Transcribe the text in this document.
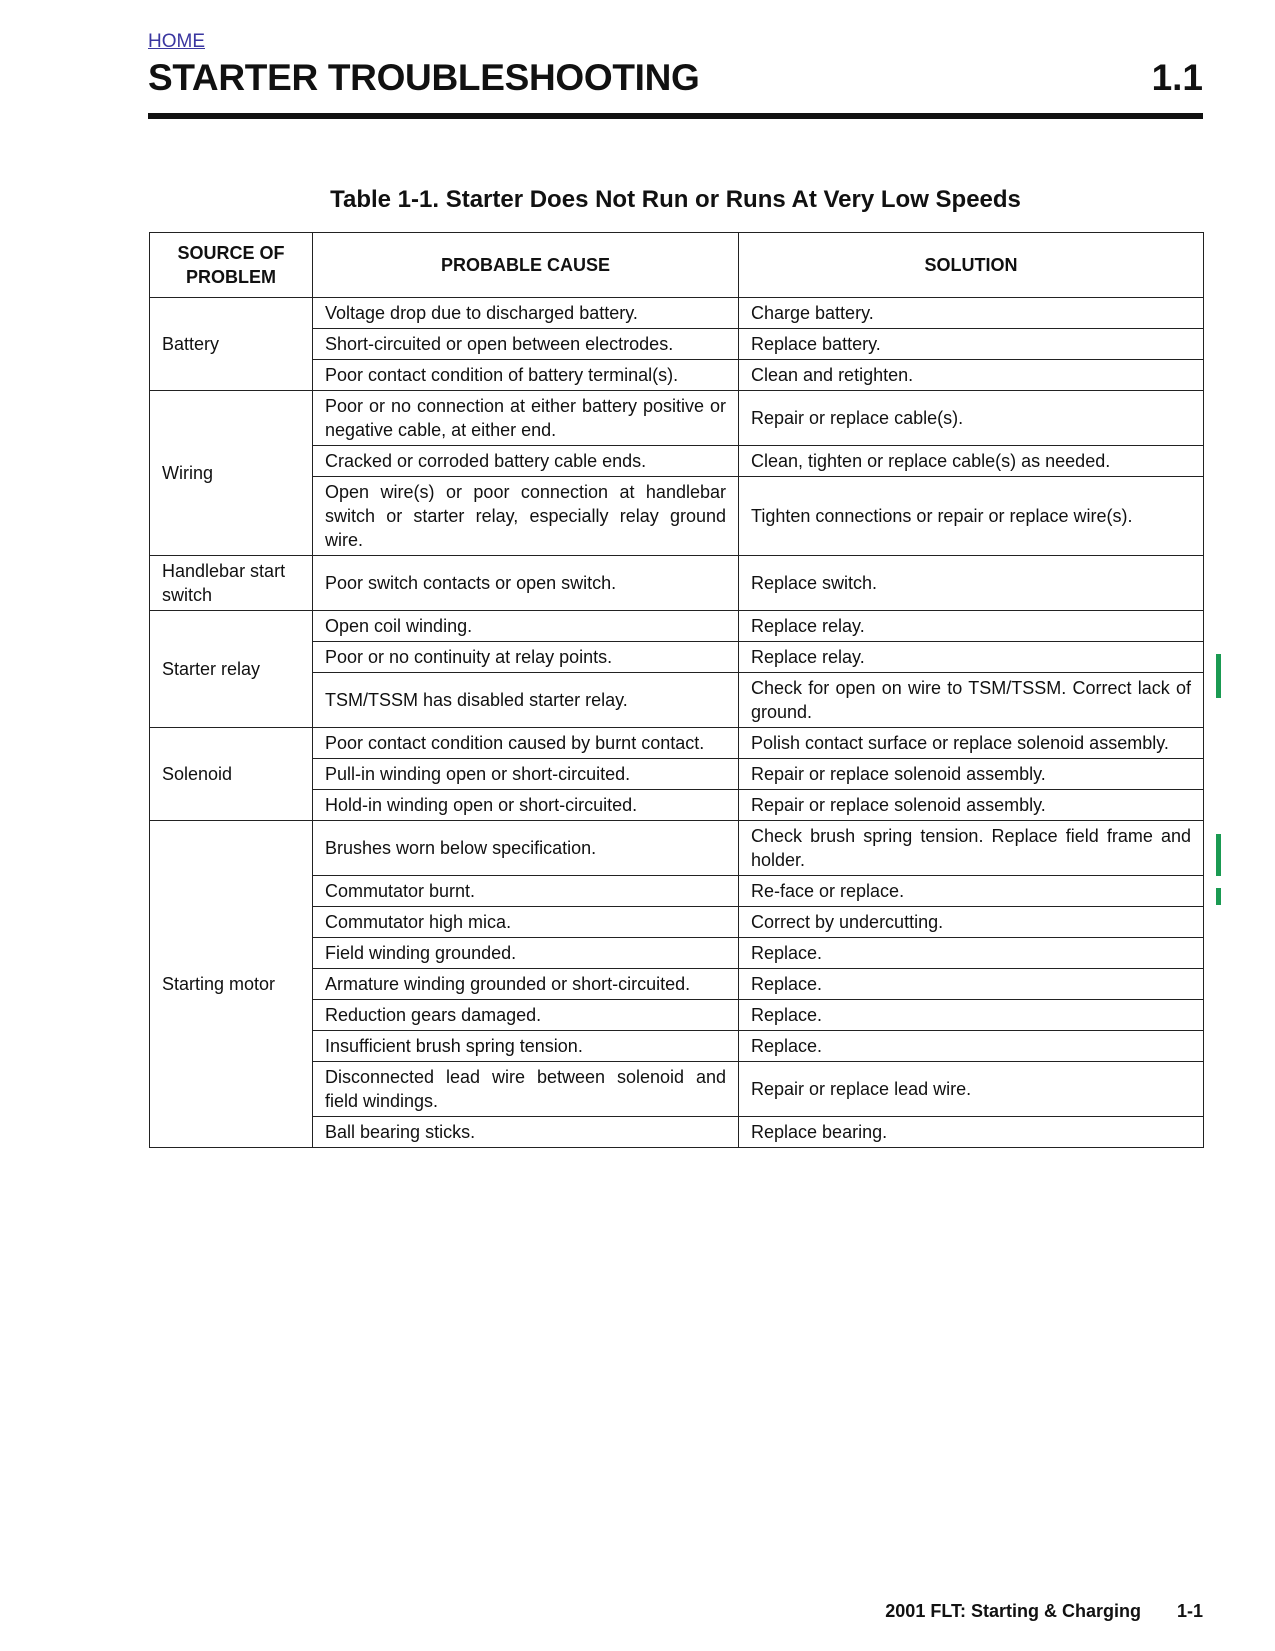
HOME
STARTER TROUBLESHOOTING	1.1
Table 1-1. Starter Does Not Run or Runs At Very Low Speeds
SOURCE OF PROBLEM	PROBABLE CAUSE	SOLUTION
Battery	Voltage drop due to discharged battery.	Charge battery.
	Short-circuited or open between electrodes.	Replace battery.
	Poor contact condition of battery terminal(s).	Clean and retighten.
Wiring	Poor or no connection at either battery positive or negative cable, at either end.	Repair or replace cable(s).
	Cracked or corroded battery cable ends.	Clean, tighten or replace cable(s) as needed.
	Open wire(s) or poor connection at handlebar switch or starter relay, especially relay ground wire.	Tighten connections or repair or replace wire(s).
Handlebar start switch	Poor switch contacts or open switch.	Replace switch.
Starter relay	Open coil winding.	Replace relay.
	Poor or no continuity at relay points.	Replace relay.
	TSM/TSSM has disabled starter relay.	Check for open on wire to TSM/TSSM. Correct lack of ground.
Solenoid	Poor contact condition caused by burnt contact.	Polish contact surface or replace solenoid assembly.
	Pull-in winding open or short-circuited.	Repair or replace solenoid assembly.
	Hold-in winding open or short-circuited.	Repair or replace solenoid assembly.
Starting motor	Brushes worn below specification.	Check brush spring tension. Replace field frame and holder.
	Commutator burnt.	Re-face or replace.
	Commutator high mica.	Correct by undercutting.
	Field winding grounded.	Replace.
	Armature winding grounded or short-circuited.	Replace.
	Reduction gears damaged.	Replace.
	Insufficient brush spring tension.	Replace.
	Disconnected lead wire between solenoid and field windings.	Repair or replace lead wire.
	Ball bearing sticks.	Replace bearing.
2001 FLT: Starting & Charging 1-1
